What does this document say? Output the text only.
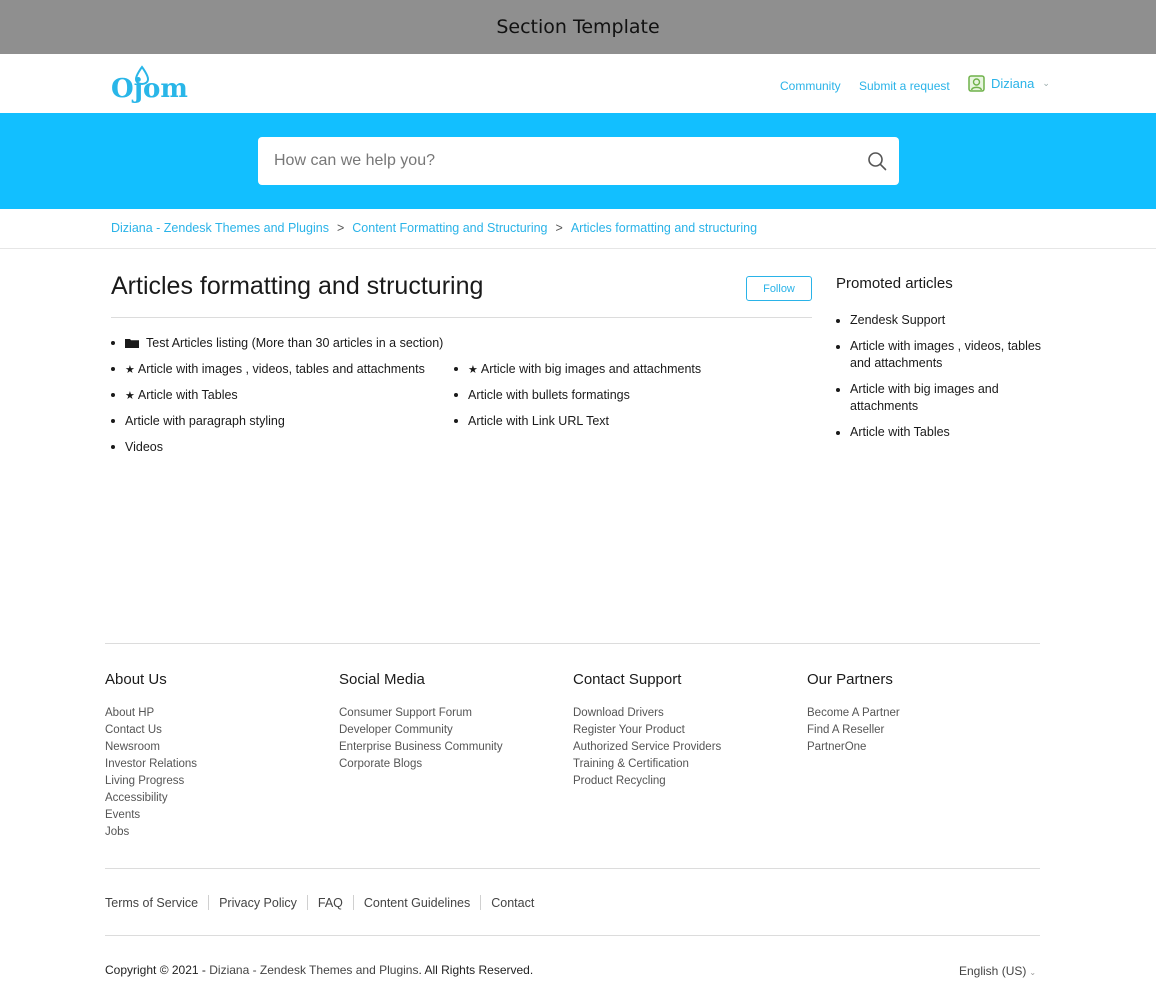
Section Template
Ojom	Community Submit a request	Diziana ⌄
How can we help you?
Diziana - Zendesk Themes and Plugins > Content Formatting and Structuring > Articles formatting and structuring
Articles formatting and structuring	Follow
Test Articles listing (More than 30 articles in a section)
★ Article with images , videos, tables and attachments
★ Article with Tables
Article with paragraph styling
Videos
★ Article with big images and attachments
Article with bullets formatings
Article with Link URL Text
Promoted articles
Zendesk Support
Article with images , videos, tables and attachments
Article with big images and attachments
Article with Tables
About Us
About HP
Contact Us
Newsroom
Investor Relations
Living Progress
Accessibility
Events
Jobs
Social Media
Consumer Support Forum
Developer Community
Enterprise Business Community
Corporate Blogs
Contact Support
Download Drivers
Register Your Product
Authorized Service Providers
Training & Certification
Product Recycling
Our Partners
Become A Partner
Find A Reseller
PartnerOne
Terms of Service Privacy Policy FAQ Content Guidelines Contact
Copyright © 2021 - Diziana - Zendesk Themes and Plugins. All Rights Reserved.	English (US) ⌄
